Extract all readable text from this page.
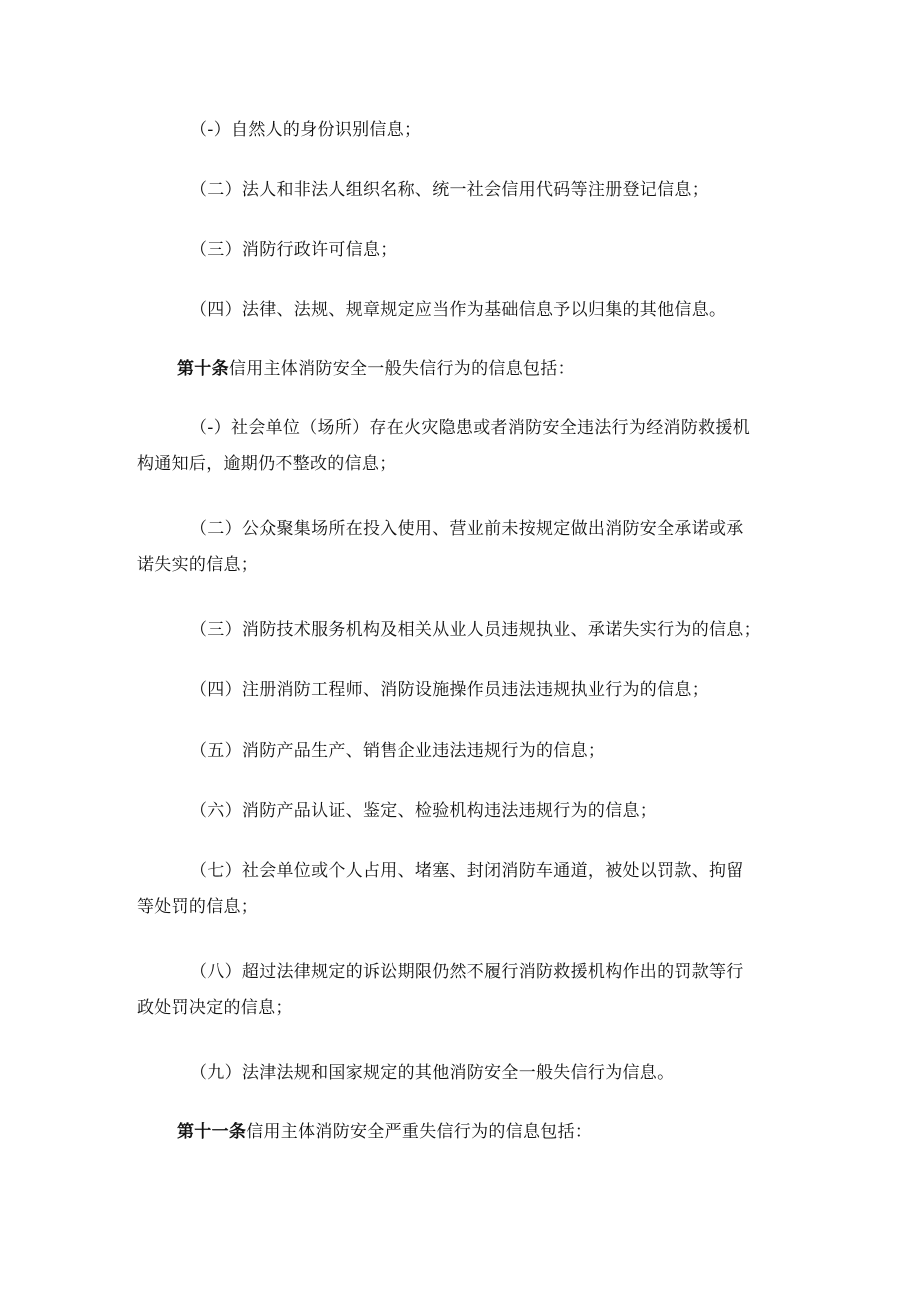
（-）自然人的身份识别信息；

（二）法人和非法人组织名称、统一社会信用代码等注册登记信息；

（三）消防行政许可信息；

（四）法律、法规、规章规定应当作为基础信息予以归集的其他信息。

第十条信用主体消防安全一般失信行为的信息包括：

（-）社会单位（场所）存在火灾隐患或者消防安全违法行为经消防救援机
构通知后，逾期仍不整改的信息；

（二）公众聚集场所在投入使用、营业前未按规定做出消防安全承诺或承
诺失实的信息；

（三）消防技术服务机构及相关从业人员违规执业、承诺失实行为的信息；

（四）注册消防工程师、消防设施操作员违法违规执业行为的信息；

（五）消防产品生产、销售企业违法违规行为的信息；

（六）消防产品认证、鉴定、检验机构违法违规行为的信息；

（七）社会单位或个人占用、堵塞、封闭消防车通道，被处以罚款、拘留
等处罚的信息；

（八）超过法律规定的诉讼期限仍然不履行消防救援机构作出的罚款等行
政处罚决定的信息；

（九）法津法规和国家规定的其他消防安全一般失信行为信息。

第十一条信用主体消防安全严重失信行为的信息包括：
